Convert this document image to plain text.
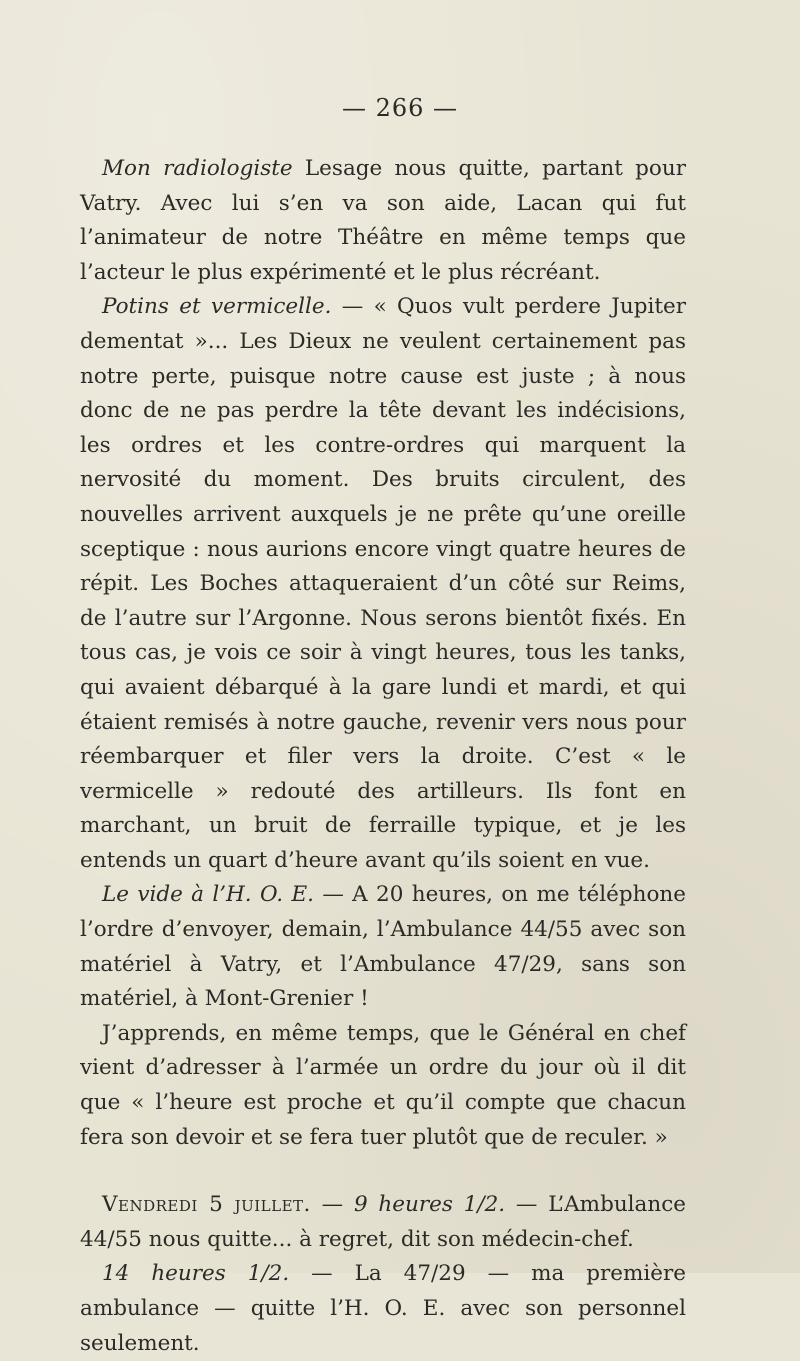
— 266 —

Mon radiologiste Lesage nous quitte, partant pour Vatry. Avec lui s’en va son aide, Lacan qui fut l’animateur de notre Théâtre en même temps que l’acteur le plus expérimenté et le plus récréant.

Potins et vermicelle. — « Quos vult perdere Jupiter dementat »... Les Dieux ne veulent certainement pas notre perte, puisque notre cause est juste ; à nous donc de ne pas perdre la tête devant les indécisions, les ordres et les contre-ordres qui marquent la nervosité du moment. Des bruits circulent, des nouvelles arrivent auxquels je ne prête qu’une oreille sceptique : nous aurions encore vingt quatre heures de répit. Les Boches attaqueraient d’un côté sur Reims, de l’autre sur l’Argonne. Nous serons bientôt fixés. En tous cas, je vois ce soir à vingt heures, tous les tanks, qui avaient débarqué à la gare lundi et mardi, et qui étaient remisés à notre gauche, revenir vers nous pour réembarquer et filer vers la droite. C’est « le vermicelle » redouté des artilleurs. Ils font en marchant, un bruit de ferraille typique, et je les entends un quart d’heure avant qu’ils soient en vue.

Le vide à l’H. O. E. — A 20 heures, on me téléphone l’ordre d’envoyer, demain, l’Ambulance 44/55 avec son matériel à Vatry, et l’Ambulance 47/29, sans son matériel, à Mont-Grenier !

J’apprends, en même temps, que le Général en chef vient d’adresser à l’armée un ordre du jour où il dit que « l’heure est proche et qu’il compte que chacun fera son devoir et se fera tuer plutôt que de reculer. »

Vendredi 5 juillet. — 9 heures 1/2. — L’Ambulance 44/55 nous quitte... à regret, dit son médecin-chef.

14 heures 1/2. — La 47/29 — ma première ambulance — quitte l’H. O. E. avec son personnel seulement.
